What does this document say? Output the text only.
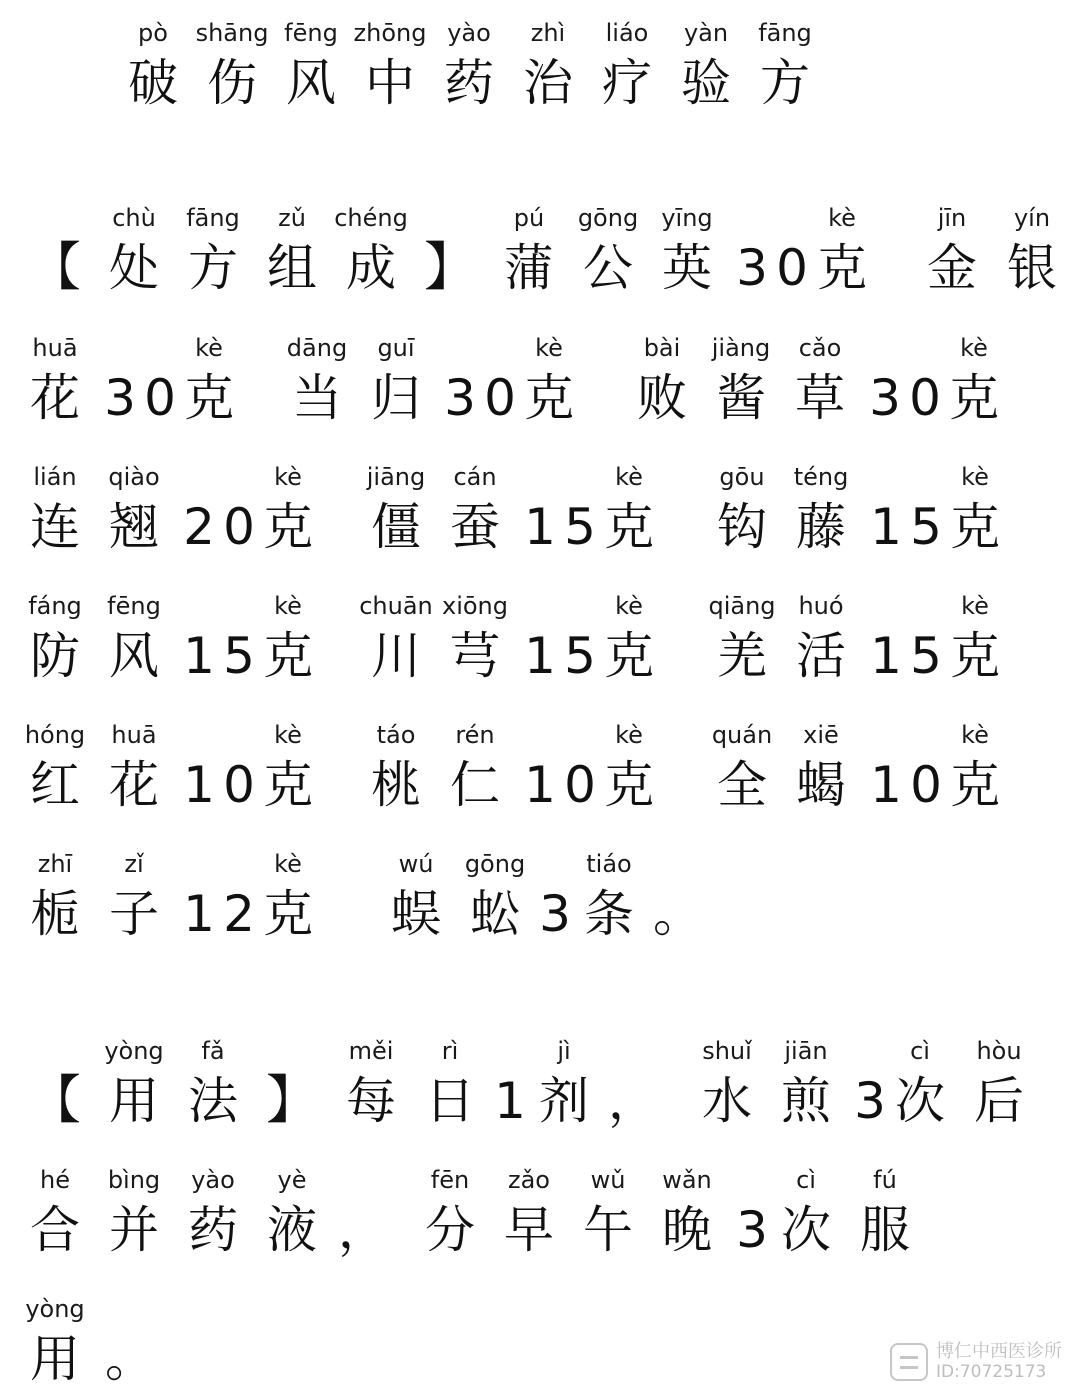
pò
破
shāng
伤
fēng
风
zhōng
中
yào
药
zhì
治
liáo
疗
yàn
验
fāng
方
【
chù
处
fāng
方
zǔ
组
chéng
成 】
pú
蒲
gōng
公
yīng
英 3 0
kè
克
jīn
金
yín
银
huā
花 3 0
kè
克
dāng
当
guī
归 3 0
kè
克
bài
败
jiàng
酱
cǎo
草 3 0
kè
克
lián
连
qiào
翘 2 0
kè
克
jiāng
僵
cán
蚕 1 5
kè
克
gōu
钩
téng
藤 1 5
kè
克
fáng
防
fēng
风 1 5
kè
克
chuān
川
xiōng
芎 1 5
kè
克
qiāng
羌
huó
活 1 5
kè
克
hóng
红
huā
花 1 0
kè
克
táo
桃
rén
仁 1 0
kè
克
quán
全
xiē
蝎 1 0
kè
克
zhī
栀
zǐ
子 1 2
kè
克
wú
蜈
gōng
蚣 3
tiáo
条 。
【
yòng
用
fǎ
法 】
měi
每
rì
日 1
jì
剂 ，
shuǐ
水
jiān
煎 3
cì
次
hòu
后
hé
合
bìng
并
yào
药
yè
液 ，
fēn
分
zǎo
早
wǔ
午
wǎn
晚 3
cì
次
fú
服
yòng
用 。	博仁中西医诊所
ID:70725173
